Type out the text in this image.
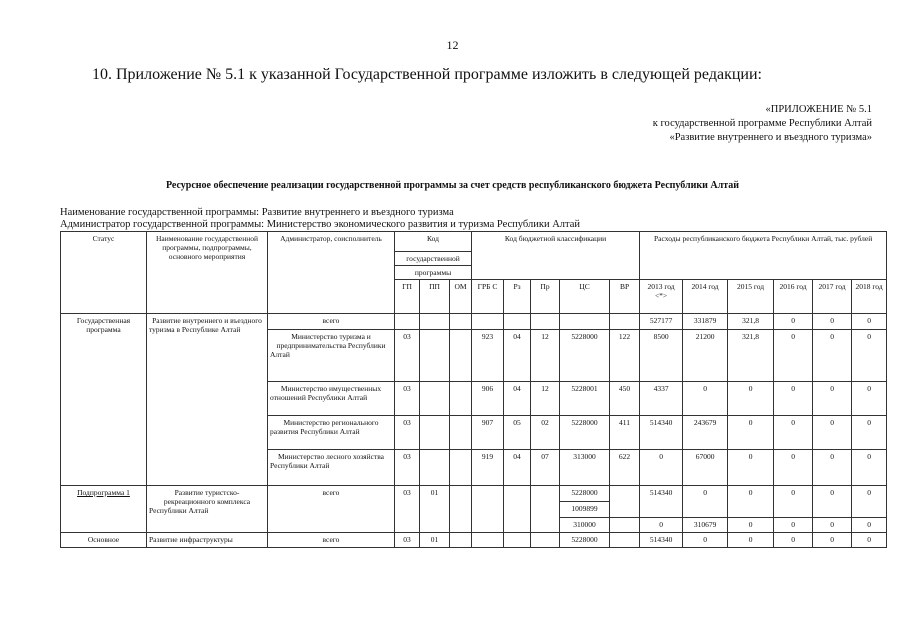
12
10. Приложение № 5.1 к указанной Государственной программе изложить в следующей редакции:
«ПРИЛОЖЕНИЕ № 5.1
к государственной программе Республики Алтай
«Развитие внутреннего и въездного туризма»
Ресурсное обеспечение реализации государственной программы за счет средств республиканского бюджета Республики Алтай
Наименование государственной программы: Развитие внутреннего и въездного туризма
Администратор государственной программы: Министерство экономического развития и туризма Республики Алтай
Статус	Наименование государственной программы, подпрограммы, основного мероприятия	Администратор, соисполнитель	Код			Код бюджетной классификации					Расходы республиканского бюджета Республики Алтай, тыс. рублей					
			государственной													
			программы													
			ГП	ПП	ОМ	ГРБ С	Рз	Пр	ЦС	ВР	2013 год <*>	2014 год	2015 год	2016 год	2017 год	2018 год
Государственная программа	Развитие внутреннего и въездного туризма в Республике Алтай	всего									527177	331879	321,8	0	0	0
		Министерство туризма и предпринимательства Республики Алтай	03			923	04	12	5228000	122	8500	21200	321,8	0	0	0
		Министерство имущественных отношений Республики Алтай	03			906	04	12	5228001	450	4337	0	0	0	0	0
		Министерство регионального развития Республики Алтай	03			907	05	02	5228000	411	514340	243679	0	0	0	0
		Министерство лесного хозяйства Республики Алтай	03			919	04	07	313000	622	0	67000	0	0	0	0
Подпрограмма 1	Развитие туристско-рекреационного комплекса Республики Алтай	всего	03	01					5228000		514340	0	0	0	0	0
									1009899							
									310000		0	310679	0	0	0	0
Основное	Развитие инфраструктуры	всего	03	01					5228000		514340	0	0	0	0	0
